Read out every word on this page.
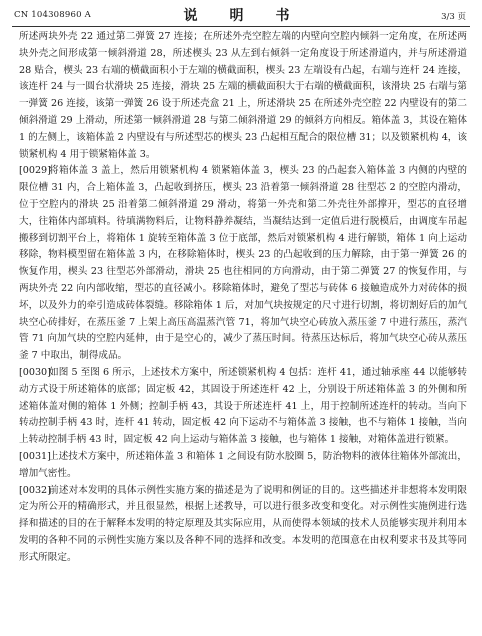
CN 104308960 A	说　明　书	3/3 页

所述两块外壳 22 通过第二弹簧 27 连接；在所述外壳空腔左端的内壁向空腔内倾斜一定角度，在所述两块外壳之间形成第一倾斜滑道 28，所述楔头 23 从左到右倾斜一定角度设于所述滑道内，并与所述滑道 28 贴合，楔头 23 右端的横截面积小于左端的横截面积，楔头 23 左端设有凸起，右端与连杆 24 连接，该连杆 24 与一圆台状滑块 25 连接，滑块 25 左端的横截面积大于右端的横截面积，该滑块 25 右端与第一弹簧 26 连接，该第一弹簧 26 设于所述壳盒 21 上，所述滑块 25 在所述外壳空腔 22 内壁设有的第二倾斜滑道 29 上滑动，所述第一倾斜滑道 28 与第二倾斜滑道 29 的倾斜方向相反。箱体盖 3，其设在箱体 1 的左侧上，该箱体盖 2 内壁设有与所述型芯的楔头 23 凸起相互配合的限位槽 31；以及锁紧机构 4，该锁紧机构 4 用于锁紧箱体盖 3。

[0029]将箱体盖 3 盖上，然后用锁紧机构 4 锁紧箱体盖 3，楔头 23 的凸起套入箱体盖 3 内侧的内壁的限位槽 31 内，合上箱体盖 3，凸起收到挤压，楔头 23 沿着第一倾斜滑道 28 往型芯 2 的空腔内滑动，位于空腔内的滑块 25 沿着第二倾斜滑道 29 滑动，将第一外壳和第二外壳往外部撑开，型芯的直径增大，往箱体内部填料。待填满物料后，让物料静养凝结，当凝结达到一定值后进行脱模后，由调度车吊起搬移到切割平台上，将箱体 1 旋转至箱体盖 3 位于底部，然后对锁紧机构 4 进行解锁，箱体 1 向上运动移除，物料模型留在箱体盖 3 内，在移除箱体时，楔头 23 的凸起收到的压力解除，由于第一弹簧 26 的恢复作用，楔头 23 往型芯外部滑动，滑块 25 也往相同的方向滑动，由于第二弹簧 27 的恢复作用，与两块外壳 22 向内部收缩，型芯的直径减小。移除箱体时，避免了型芯与砖体 6 接触造成外力对砖体的损坏，以及外力的牵引造成砖体裂缝。移除箱体 1 后，对加气块按规定的尺寸进行切割，将切割好后的加气块空心砖排好，在蒸压釜 7 上架上高压高温蒸汽管 71，将加气块空心砖放入蒸压釜 7 中进行蒸压，蒸汽管 71 向加气块的空腔内延伸，由于是空心的，减少了蒸压时间。待蒸压达标后，将加气块空心砖从蒸压釜 7 中取出，制得成品。

[0030]如图 5 至图 6 所示，上述技术方案中，所述锁紧机构 4 包括：连杆 41，通过轴承座 44 以能够转动方式设于所述箱体的底部；固定板 42，其固设于所述连杆 42 上，分别设于所述箱体盖 3 的外侧和所述箱体盖对侧的箱体 1 外侧；控制手柄 43，其设于所述连杆 41 上，用于控制所述连杆的转动。当向下转动控制手柄 43 时，连杆 41 转动，固定板 42 向下运动不与箱体盖 3 接触，也不与箱体 1 接触，当向上转动控制手柄 43 时，固定板 42 向上运动与箱体盖 3 接触，也与箱体 1 接触，对箱体盖进行锁紧。

[0031]上述技术方案中，所述箱体盖 3 和箱体 1 之间设有防水胶圈 5，防治物料的液体往箱体外部流出，增加气密性。

[0032]前述对本发明的具体示例性实施方案的描述是为了说明和例证的目的。这些描述并非想将本发明限定为所公开的精确形式，并且很显然，根据上述教导，可以进行很多改变和变化。对示例性实施例进行选择和描述的目的在于解释本发明的特定原理及其实际应用，从而使得本领域的技术人员能够实现并利用本发明的各种不同的示例性实施方案以及各种不同的选择和改变。本发明的范围意在由权利要求书及其等同形式所限定。
